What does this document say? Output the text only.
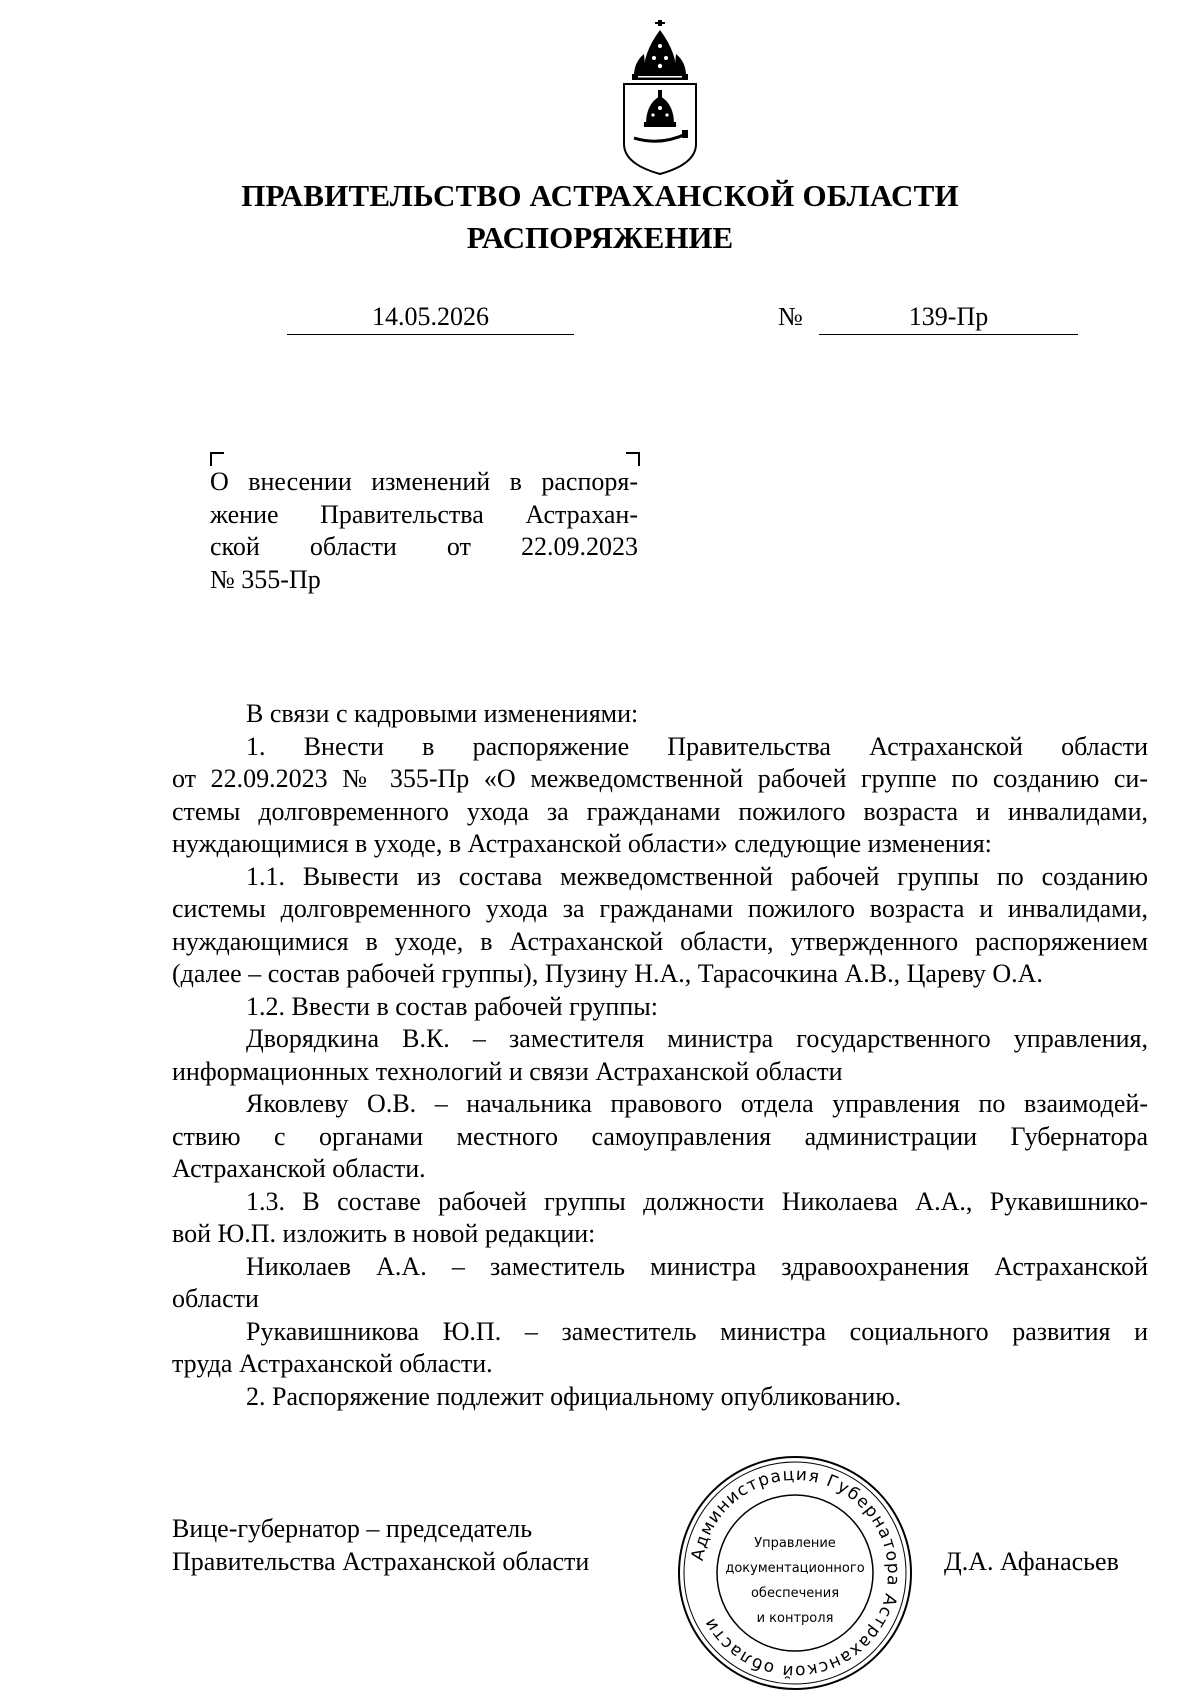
ПРАВИТЕЛЬСТВО АСТРАХАНСКОЙ ОБЛАСТИ
РАСПОРЯЖЕНИЕ
14.05.2026	№	139-Пр
О внесении изменений в распоря-
жение Правительства Астрахан-
ской области от 22.09.2023
№ 355-Пр
В связи с кадровыми изменениями:
1. Внести в распоряжение Правительства Астраханской области
от 22.09.2023 № 355-Пр «О межведомственной рабочей группе по созданию си-
стемы долговременного ухода за гражданами пожилого возраста и инвалидами,
нуждающимися в уходе, в Астраханской области» следующие изменения:
1.1. Вывести из состава межведомственной рабочей группы по созданию
системы долговременного ухода за гражданами пожилого возраста и инвалидами,
нуждающимися в уходе, в Астраханской области, утвержденного распоряжением
(далее – состав рабочей группы), Пузину Н.А., Тарасочкина А.В., Цареву О.А.
1.2. Ввести в состав рабочей группы:
Дворядкина В.К. – заместителя министра государственного управления,
информационных технологий и связи Астраханской области
Яковлеву О.В. – начальника правового отдела управления по взаимодей-
ствию с органами местного самоуправления администрации Губернатора
Астраханской области.
1.3. В составе рабочей группы должности Николаева А.А., Рукавишнико-
вой Ю.П. изложить в новой редакции:
Николаев А.А. – заместитель министра здравоохранения Астраханской
области
Рукавишникова Ю.П. – заместитель министра социального развития и
труда Астраханской области.
2. Распоряжение подлежит официальному опубликованию.
Вице-губернатор – председатель
Правительства Астраханской области	Администрация Губернатора Астраханской области
Управление
документационного
обеспечения
и контроля
Д.А. Афанасьев
